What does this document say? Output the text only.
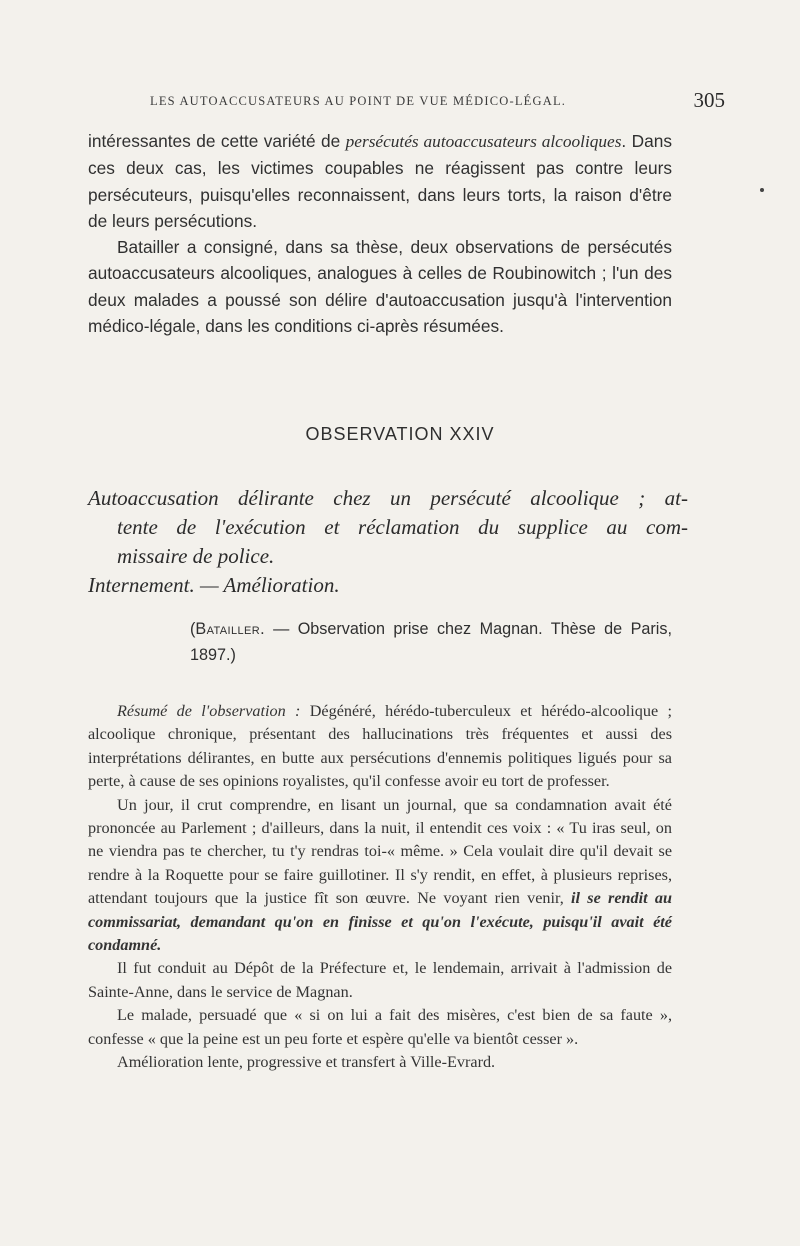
LES AUTOACCUSATEURS AU POINT DE VUE MÉDICO-LÉGAL.	305

intéressantes de cette variété de persécutés autoaccusateurs alcooliques. Dans ces deux cas, les victimes coupables ne réagissent pas contre leurs persécuteurs, puisqu'elles reconnaissent, dans leurs torts, la raison d'être de leurs persécutions.

Batailler a consigné, dans sa thèse, deux observations de persécutés autoaccusateurs alcooliques, analogues à celles de Roubinowitch ; l'un des deux malades a poussé son délire d'autoaccusation jusqu'à l'intervention médico-légale, dans les conditions ci-après résumées.

OBSERVATION XXIV
Autoaccusation délirante chez un persécuté alcoolique ; at-
tente de l'exécution et réclamation du supplice au com-
missaire de police.
Internement. — Amélioration.
(Batailler. — Observation prise chez Magnan. Thèse de Paris, 1897.)

Résumé de l'observation : Dégénéré, hérédo-tuberculeux et hérédo-alcoolique ; alcoolique chronique, présentant des hallucinations très fréquentes et aussi des interprétations délirantes, en butte aux persécutions d'ennemis politiques ligués pour sa perte, à cause de ses opinions royalistes, qu'il confesse avoir eu tort de professer.

Un jour, il crut comprendre, en lisant un journal, que sa condamnation avait été prononcée au Parlement ; d'ailleurs, dans la nuit, il entendit ces voix : « Tu iras seul, on ne viendra pas te chercher, tu t'y rendras toi-« même. » Cela voulait dire qu'il devait se rendre à la Roquette pour se faire guillotiner. Il s'y rendit, en effet, à plusieurs reprises, attendant toujours que la justice fît son œuvre. Ne voyant rien venir, il se rendit au commissariat, demandant qu'on en finisse et qu'on l'exécute, puisqu'il avait été condamné.

Il fut conduit au Dépôt de la Préfecture et, le lendemain, arrivait à l'admission de Sainte-Anne, dans le service de Magnan.

Le malade, persuadé que « si on lui a fait des misères, c'est bien de sa faute », confesse « que la peine est un peu forte et espère qu'elle va bientôt cesser ».

Amélioration lente, progressive et transfert à Ville-Evrard.
